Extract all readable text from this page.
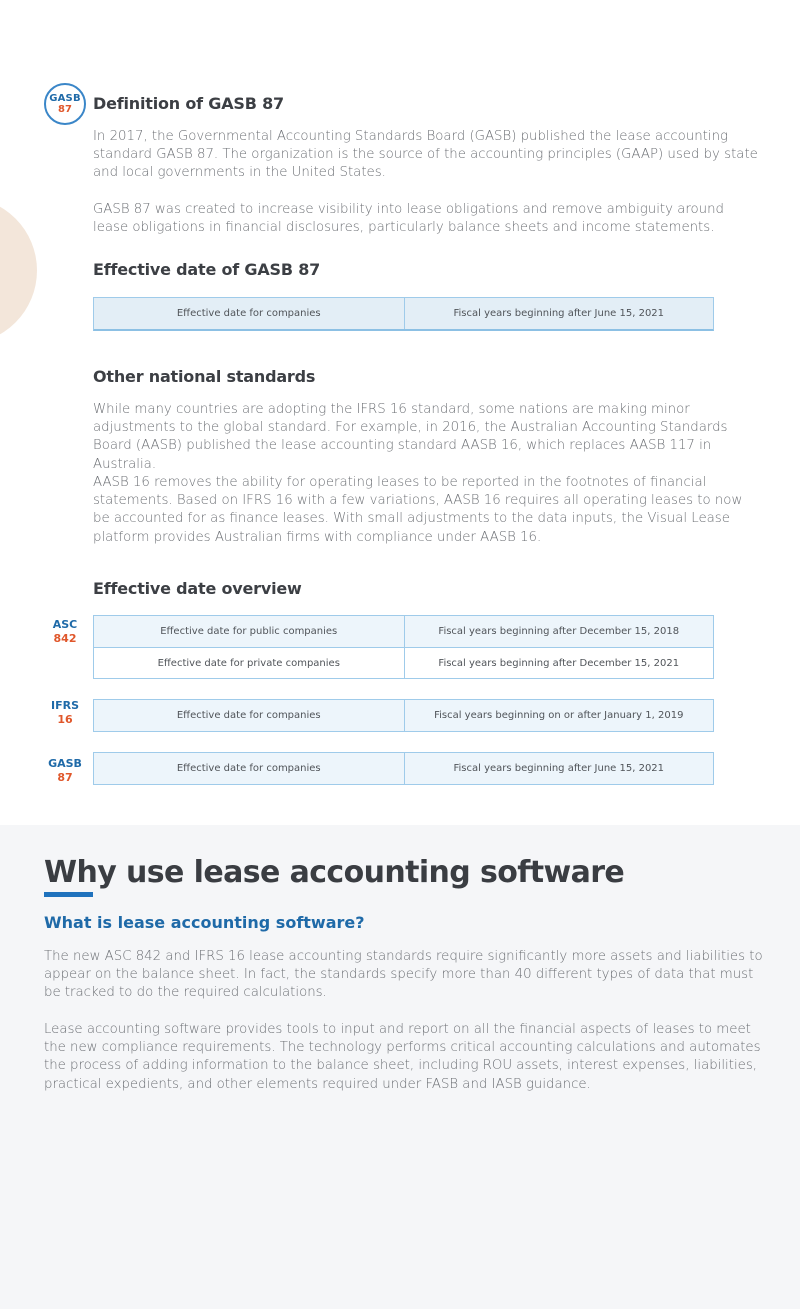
GASB
87 Definition of GASB 87

In 2017, the Governmental Accounting Standards Board (GASB) published the lease accounting standard GASB 87. The organization is the source of the accounting principles (GAAP) used by state and local governments in the United States.

GASB 87 was created to increase visibility into lease obligations and remove ambiguity around lease obligations in financial disclosures, particularly balance sheets and income statements.

Effective date of GASB 87
Effective date for companies	Fiscal years beginning after June 15, 2021
Other national standards

While many countries are adopting the IFRS 16 standard, some nations are making minor adjustments to the global standard. For example, in 2016, the Australian Accounting Standards Board (AASB) published the lease accounting standard AASB 16, which replaces AASB 117 in Australia.

AASB 16 removes the ability for operating leases to be reported in the footnotes of financial statements. Based on IFRS 16 with a few variations, AASB 16 requires all operating leases to now be accounted for as finance leases. With small adjustments to the data inputs, the Visual Lease platform provides Australian firms with compliance under AASB 16.

Effective date overview
ASC
842
Effective date for public companies	Fiscal years beginning after December 15, 2018
Effective date for private companies	Fiscal years beginning after December 15, 2021
IFRS
16	Effective date for companies	Fiscal years beginning on or after January 1, 2019
GASB
87
Effective date for companies	Fiscal years beginning after June 15, 2021
Why use lease accounting software
What is lease accounting software?

The new ASC 842 and IFRS 16 lease accounting standards require significantly more assets and liabilities to appear on the balance sheet. In fact, the standards specify more than 40 different types of data that must be tracked to do the required calculations.

Lease accounting software provides tools to input and report on all the financial aspects of leases to meet the new compliance requirements. The technology performs critical accounting calculations and automates the process of adding information to the balance sheet, including ROU assets, interest expenses, liabilities, practical expedients, and other elements required under FASB and IASB guidance.
